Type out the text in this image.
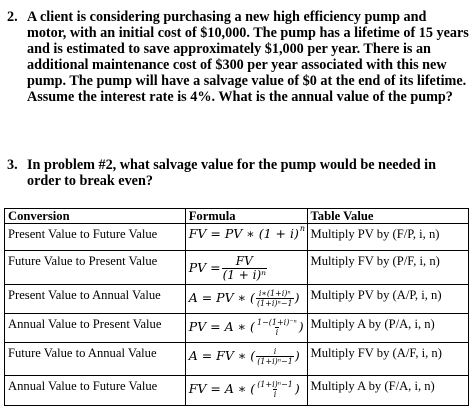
2. A client is considering purchasing a new high efficiency pump and motor, with an initial cost of $10,000. The pump has a lifetime of 15 years and is estimated to save approximately $1,000 per year. There is an additional maintenance cost of $300 per year associated with this new pump. The pump will have a salvage value of $0 at the end of its lifetime. Assume the interest rate is 4%. What is the annual value of the pump?
3. In problem #2, what salvage value for the pump would be needed in order to break even?
Conversion	Formula	Table Value

Present Value to Future Value	FV = PV ∗ (1 + i) n	Multiply PV by (F/P, i, n)

Future Value to Present Value	PV = $\frac{FV}{\text{(1 + i)ⁿ}}$	Multiply FV by (P/F, i, n)

Present Value to Annual Value	A = PV ∗ ( $\frac{\text{i∗(1+i)ⁿ}}{\text{(1+i)ⁿ−1}}$ )	Multiply PV by (A/P, i, n)

Annual Value to Present Value	PV = A ∗ ( $\frac{\text{1−(1+i)⁻ⁿ}}{i}$ )	Multiply A by (P/A, i, n)

Future Value to Annual Value	A = FV ∗ ( $\frac{i}{\text{(1+i)ⁿ−1}}$ )	Multiply FV by (A/F, i, n)

Annual Value to Future Value	FV = A ∗ ( $\frac{\text{(1+i)ⁿ−1}}{i}$ )	Multiply A by (F/A, i, n)
